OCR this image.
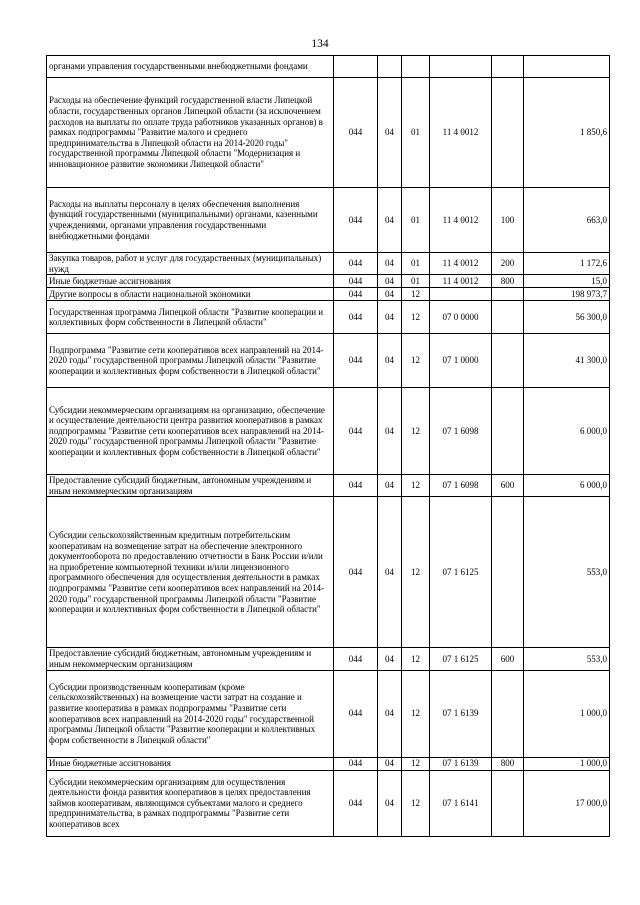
134
органами управления государственными внебюджетными фондами						
Расходы на обеспечение функций государственной власти Липецкой области, государственных органов Липецкой области (за исключением расходов на выплаты по оплате труда работников указанных органов) в рамках подпрограммы "Развитие малого и среднего предпринимательства в Липецкой области на 2014-2020 годы" государственной программы Липецкой области "Модернизация и инновационное развитие экономики Липецкой области"	044	04	01	11 4 0012		1 850,6
Расходы на выплаты персоналу в целях обеспечения выполнения функций государственными (муниципальными) органами, казенными учреждениями, органами управления государственными внебюджетными фондами	044	04	01	11 4 0012	100	663,0
Закупка товаров, работ и услуг для государственных (муниципальных) нужд	044	04	01	11 4 0012	200	1 172,6
Иные бюджетные ассигнования	044	04	01	11 4 0012	800	15,0
Другие вопросы в области национальной экономики	044	04	12			198 973,7
Государственная программа Липецкой области "Развитие кооперации и коллективных форм собственности в Липецкой области"	044	04	12	07 0 0000		56 300,0
Подпрограмма "Развитие сети кооперативов всех направлений на 2014-2020 годы" государственной программы Липецкой области "Развитие кооперации и коллективных форм собственности в Липецкой области"	044	04	12	07 1 0000		41 300,0
Субсидии некоммерческим организациям на организацию, обеспечение и осуществление деятельности центра развития кооперативов в рамках подпрограммы "Развитие сети кооперативов всех направлений на 2014-2020 годы" государственной программы Липецкой области "Развитие кооперации и коллективных форм собственности в Липецкой области"	044	04	12	07 1 6098		6 000,0
Предоставление субсидий бюджетным, автономным учреждениям и иным некоммерческим организациям	044	04	12	07 1 6098	600	6 000,0
Субсидии сельскохозяйственным кредитным потребительским кооперативам на возмещение затрат на обеспечение электронного документооборота по предоставлению отчетности в Банк России и/или на приобретение компьютерной техники и/или лицензионного программного обеспечения для осуществления деятельности в рамках подпрограммы "Развитие сети кооперативов всех направлений на 2014-2020 годы" государственной программы Липецкой области "Развитие кооперации и коллективных форм собственности в Липецкой области"	044	04	12	07 1 6125		553,0
Предоставление субсидий бюджетным, автономным учреждениям и иным некоммерческим организациям	044	04	12	07 1 6125	600	553,0
Субсидии производственным кооперативам (кроме сельскохозяйственных) на возмещение части затрат на создание и развитие кооператива в рамках подпрограммы "Развитие сети кооперативов всех направлений на 2014-2020 годы" государственной программы Липецкой области "Развитие кооперации и коллективных форм собственности в Липецкой области"	044	04	12	07 1 6139		1 000,0
Иные бюджетные ассигнования	044	04	12	07 1 6139	800	1 000,0
Субсидии некоммерческим организациям для осуществления деятельности фонда развития кооперативов в целях предоставления займов кооперативам, являющимся субъектами малого и среднего предпринимательства, в рамках подпрограммы "Развитие сети кооперативов всех	044	04	12	07 1 6141		17 000,0
